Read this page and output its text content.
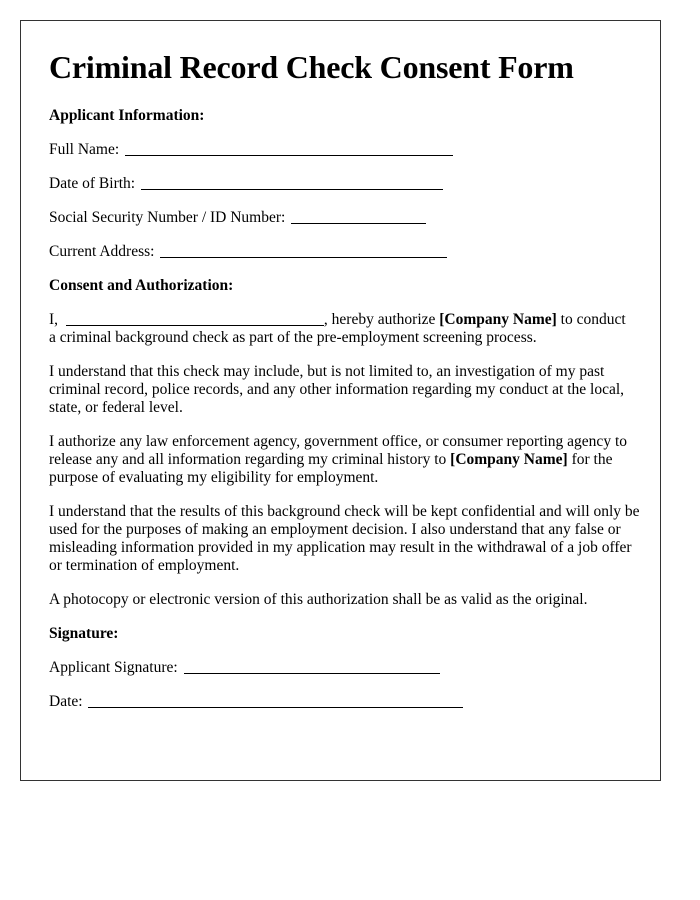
Criminal Record Check Consent Form
Applicant Information:
Full Name:
Date of Birth:
Social Security Number / ID Number:
Current Address:
Consent and Authorization:
I,	, hereby authorize [Company Name] to conduct
a criminal background check as part of the pre-employment screening process.
I understand that this check may include, but is not limited to, an investigation of my past criminal record, police records, and any other information regarding my conduct at the local, state, or federal level.
I authorize any law enforcement agency, government office, or consumer reporting agency to release any and all information regarding my criminal history to [Company Name] for the purpose of evaluating my eligibility for employment.
I understand that the results of this background check will be kept confidential and will only be used for the purposes of making an employment decision. I also understand that any false or misleading information provided in my application may result in the withdrawal of a job offer or termination of employment.
A photocopy or electronic version of this authorization shall be as valid as the original.
Signature:
Applicant Signature:
Date:
